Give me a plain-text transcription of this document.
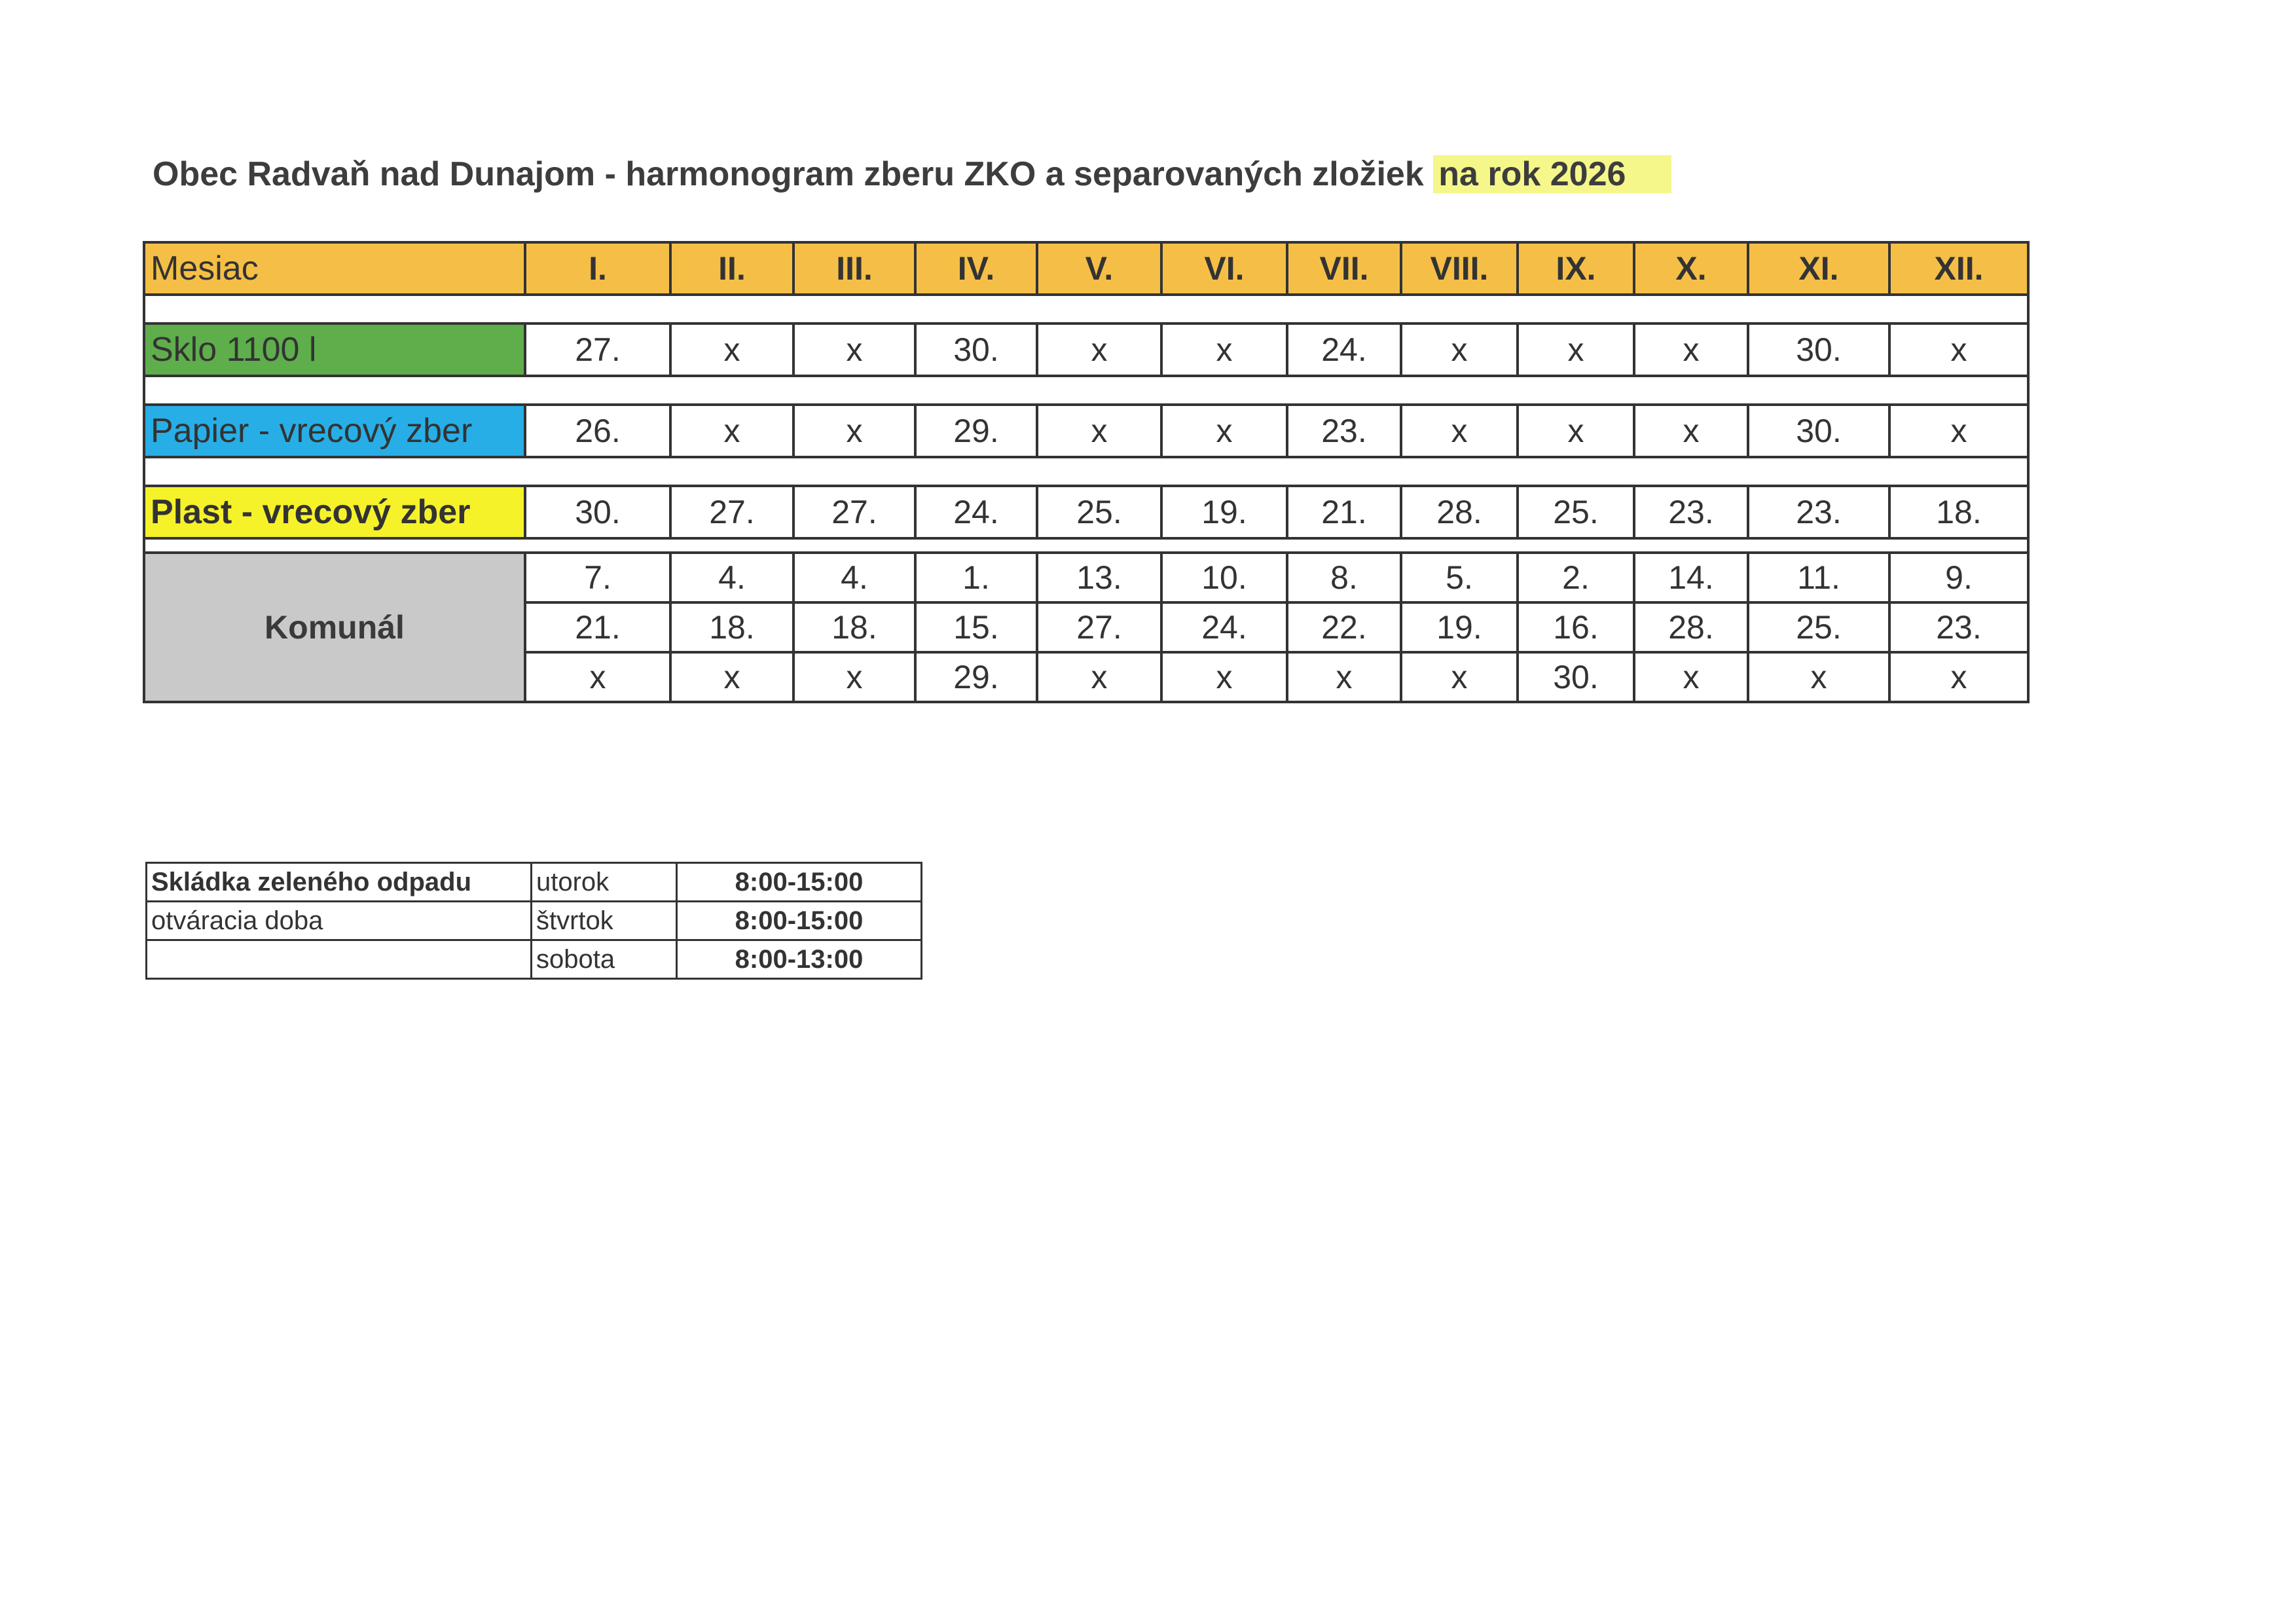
Obec Radvaň nad Dunajom - harmonogram zberu ZKO a separovaných zložiek na rok 2026
Mesiac	I.	II.	III.	IV.	V.	VI.	VII.	VIII.	IX.	X.	XI.	XII.

Sklo 1100 l	27.	x	x	30.	x	x	24.	x	x	x	30.	x

Papier - vrecový zber	26.	x	x	29.	x	x	23.	x	x	x	30.	x

Plast - vrecový zber	30.	27.	27.	24.	25.	19.	21.	28.	25.	23.	23.	18.

Komunál	7.	4.	4.	1.	13.	10.	8.	5.	2.	14.	11.	9.
	21.	18.	18.	15.	27.	24.	22.	19.	16.	28.	25.	23.
	x	x	x	29.	x	x	x	x	30.	x	x	x
Skládka zeleného odpadu	utorok	8:00-15:00
otváracia doba	štvrtok	8:00-15:00
	sobota	8:00-13:00
